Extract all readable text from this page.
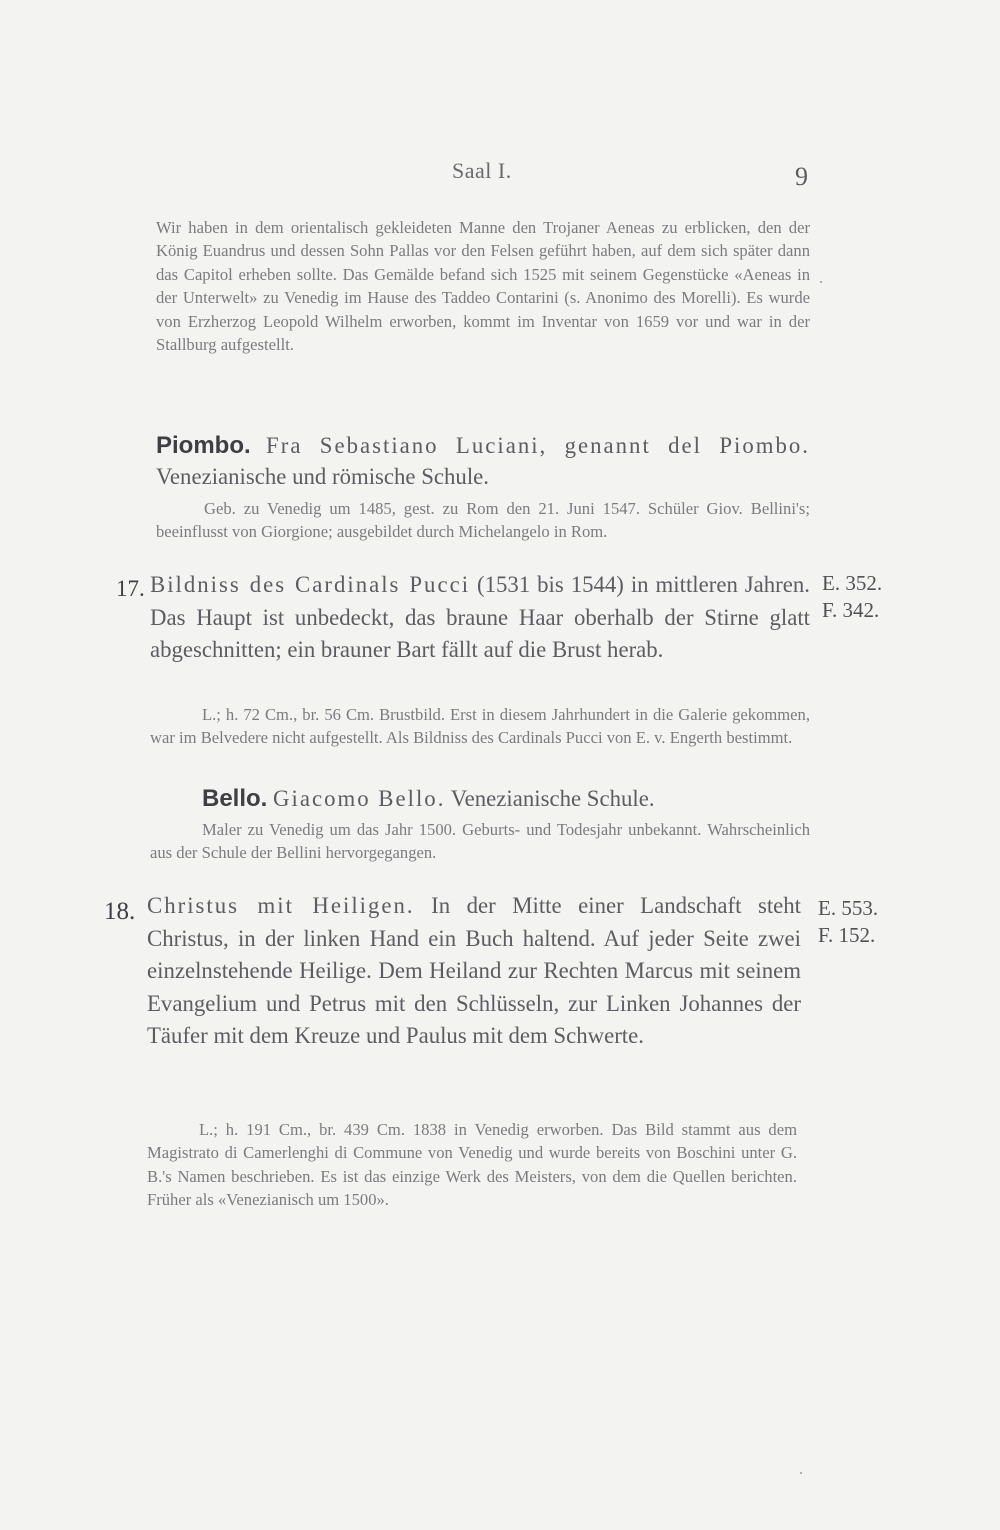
Saal I.	9

Wir haben in dem orientalisch gekleideten Manne den Trojaner Aeneas zu erblicken, den der König Euandrus und dessen Sohn Pallas vor den Felsen geführt haben, auf dem sich später dann das Capitol erheben sollte. Das Gemälde befand sich 1525 mit seinem Gegenstücke «Aeneas in der Unterwelt» zu Venedig im Hause des Taddeo Contarini (s. Anonimo des Morelli). Es wurde von Erzherzog Leopold Wilhelm erworben, kommt im Inventar von 1659 vor und war in der Stallburg aufgestellt.

Piombo. Fra Sebastiano Luciani, genannt del Piombo. Venezianische und römische Schule.

Geb. zu Venedig um 1485, gest. zu Rom den 21. Juni 1547. Schüler Giov. Bellini's; beeinflusst von Giorgione; ausgebildet durch Michelangelo in Rom.

17. Bildniss des Cardinals Pucci (1531 bis 1544) in mittleren Jahren. Das Haupt ist unbedeckt, das braune Haar oberhalb der Stirne glatt abgeschnitten; ein brauner Bart fällt auf die Brust herab.

E. 352.
F. 342.

L.; h. 72 Cm., br. 56 Cm. Brustbild. Erst in diesem Jahrhundert in die Galerie gekommen, war im Belvedere nicht aufgestellt. Als Bildniss des Cardinals Pucci von E. v. Engerth bestimmt.

Bello. Giacomo Bello. Venezianische Schule.

Maler zu Venedig um das Jahr 1500. Geburts- und Todesjahr unbekannt. Wahrscheinlich aus der Schule der Bellini hervorgegangen.

18. Christus mit Heiligen. In der Mitte einer Landschaft steht Christus, in der linken Hand ein Buch haltend. Auf jeder Seite zwei einzelnstehende Heilige. Dem Heiland zur Rechten Marcus mit seinem Evangelium und Petrus mit den Schlüsseln, zur Linken Johannes der Täufer mit dem Kreuze und Paulus mit dem Schwerte.

E. 553.
F. 152.

L.; h. 191 Cm., br. 439 Cm. 1838 in Venedig erworben. Das Bild stammt aus dem Magistrato di Camerlenghi di Commune von Venedig und wurde bereits von Boschini unter G. B.'s Namen beschrieben. Es ist das einzige Werk des Meisters, von dem die Quellen berichten. Früher als «Venezianisch um 1500».
